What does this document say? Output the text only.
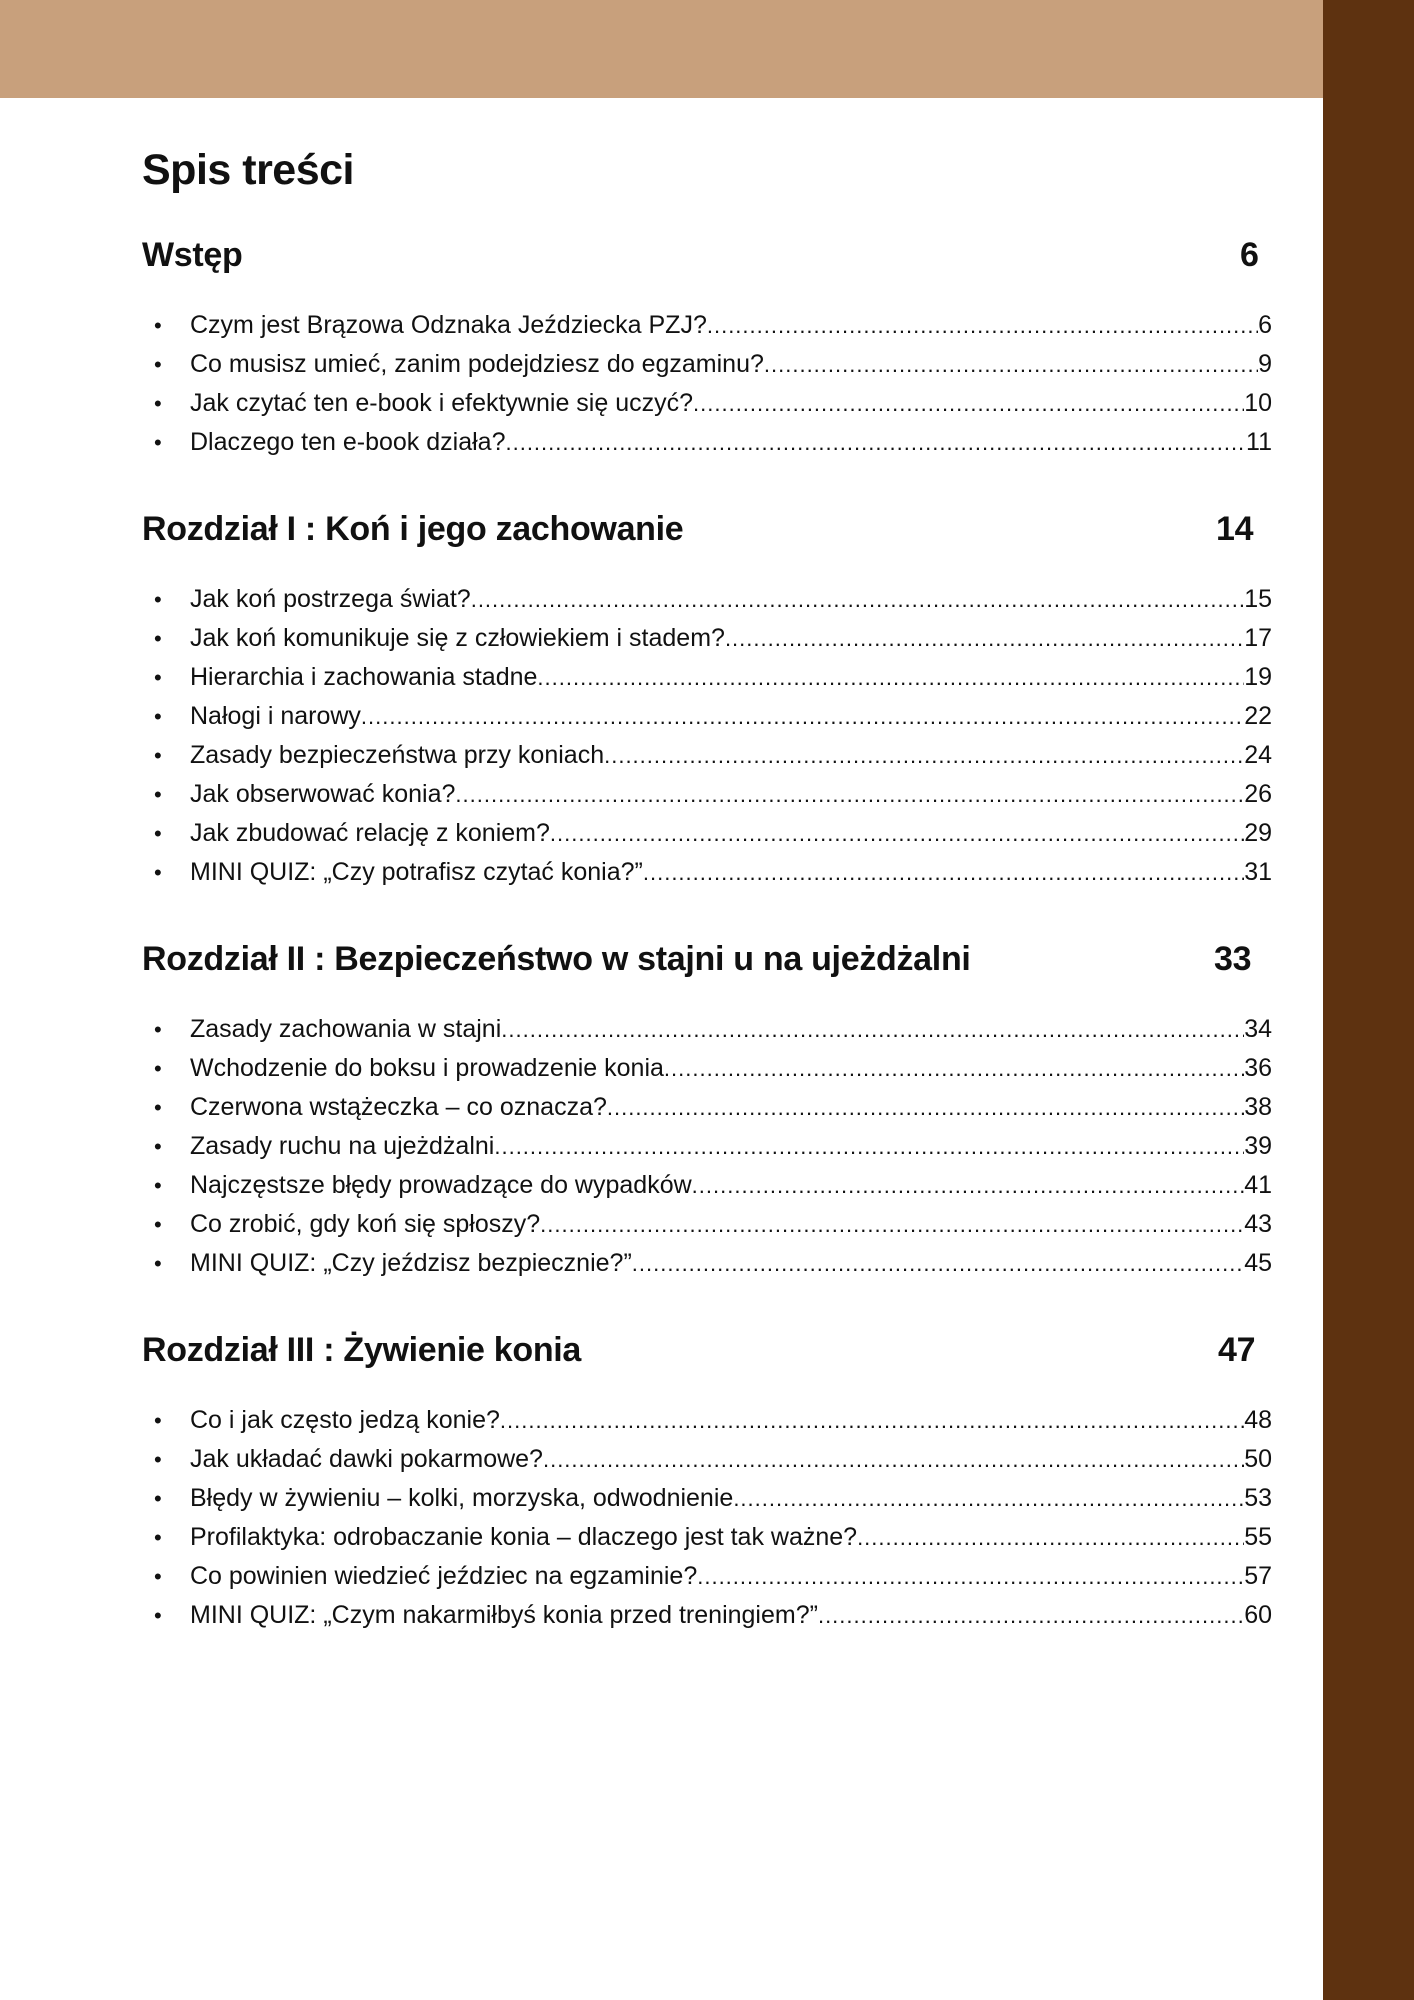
Spis treści
Wstęp	6
•	Czym jest Brązowa Odznaka Jeździecka PZJ? .....	6
•	Co musisz umieć, zanim podejdziesz do egzaminu? .....	9
•	Jak czytać ten e-book i efektywnie się uczyć? .....	10
•	Dlaczego ten e-book działa? .....	11
Rozdział I : Koń i jego zachowanie	14
•	Jak koń postrzega świat? .....	15
•	Jak koń komunikuje się z człowiekiem i stadem? .....	17
•	Hierarchia i zachowania stadne .....	19
•	Nałogi i narowy .....	22
•	Zasady bezpieczeństwa przy koniach .....	24
•	Jak obserwować konia? .....	26
•	Jak zbudować relację z koniem? .....	29
•	MINI QUIZ: „Czy potrafisz czytać konia?” .....	31
Rozdział II : Bezpieczeństwo w stajni u na ujeżdżalni	33
•	Zasady zachowania w stajni .....	34
•	Wchodzenie do boksu i prowadzenie konia .....	36
•	Czerwona wstążeczka – co oznacza? .....	38
•	Zasady ruchu na ujeżdżalni .....	39
•	Najczęstsze błędy prowadzące do wypadków .....	41
•	Co zrobić, gdy koń się spłoszy? .....	43
•	MINI QUIZ: „Czy jeździsz bezpiecznie?” .....	45
Rozdział III : Żywienie konia	47
•	Co i jak często jedzą konie? .....	48
•	Jak układać dawki pokarmowe? .....	50
•	Błędy w żywieniu – kolki, morzyska, odwodnienie .....	53
•	Profilaktyka: odrobaczanie konia – dlaczego jest tak ważne? .....	55
•	Co powinien wiedzieć jeździec na egzaminie? .....	57
•	MINI QUIZ: „Czym nakarmiłbyś konia przed treningiem?” .....	60
